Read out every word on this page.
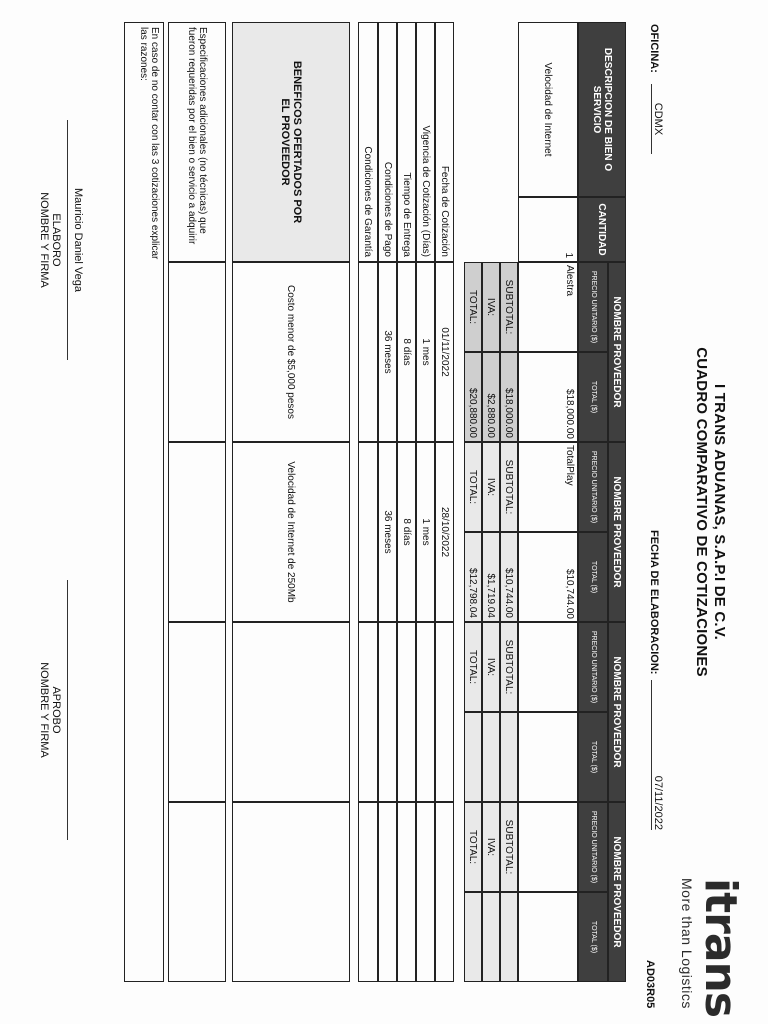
I TRANS ADUANAS, S.A.P.I DE C.V.
CUADRO COMPARATIVO DE COTIZACIONES
itrans
More than Logistics
OFICINA:
CDMX
FECHA DE ELABORACION:
07/11/2022
AD03R05
DESCRIPCION DE BIEN O SERVICIO
CANTIDAD
NOMBRE PROVEEDOR
NOMBRE PROVEEDOR
NOMBRE PROVEEDOR
NOMBRE PROVEEDOR
PRECIO UNITARIO ($)
TOTAL ($)
PRECIO UNITARIO ($)
TOTAL ($)
PRECIO UNITARIO ($)
TOTAL ($)
PRECIO UNITARIO ($)
TOTAL ($)
Velocidad de Internet
1
Alestra
$18,000.00
TotalPlay
$10,744.00
SUBTOTAL:
$18,000.00
IVA:
$2,880.00
TOTAL:
$20,880.00
SUBTOTAL:
$10,744.00
IVA:
$1,719.04
TOTAL:
$12,798.04
SUBTOTAL:
IVA:
TOTAL:
SUBTOTAL:
IVA:
TOTAL:
Fecha de Cotización
Vigencia de Cotización (Días)
Tiempo de Entrega
Condiciones de Pago
Condiciones de Garantía
01/11/2022
1 mes
8 días
36 meses
28/10/2022
1 mes
8 días
36 meses
BENEFICOS OFERTADOS POR EL PROVEEDOR
Costo menor de $5,000 pesos
Velocidad de Internet de 250Mb
Especificaciones adicionales (no técnicas) que fueron requeridas por el bien o servicio a adquirir
En caso de no contar con las 3 cotizaciones explicar las razones:
Mauricio Daniel Vega
ELABORO
NOMBRE Y FIRMA
APROBO
NOMBRE Y FIRMA
